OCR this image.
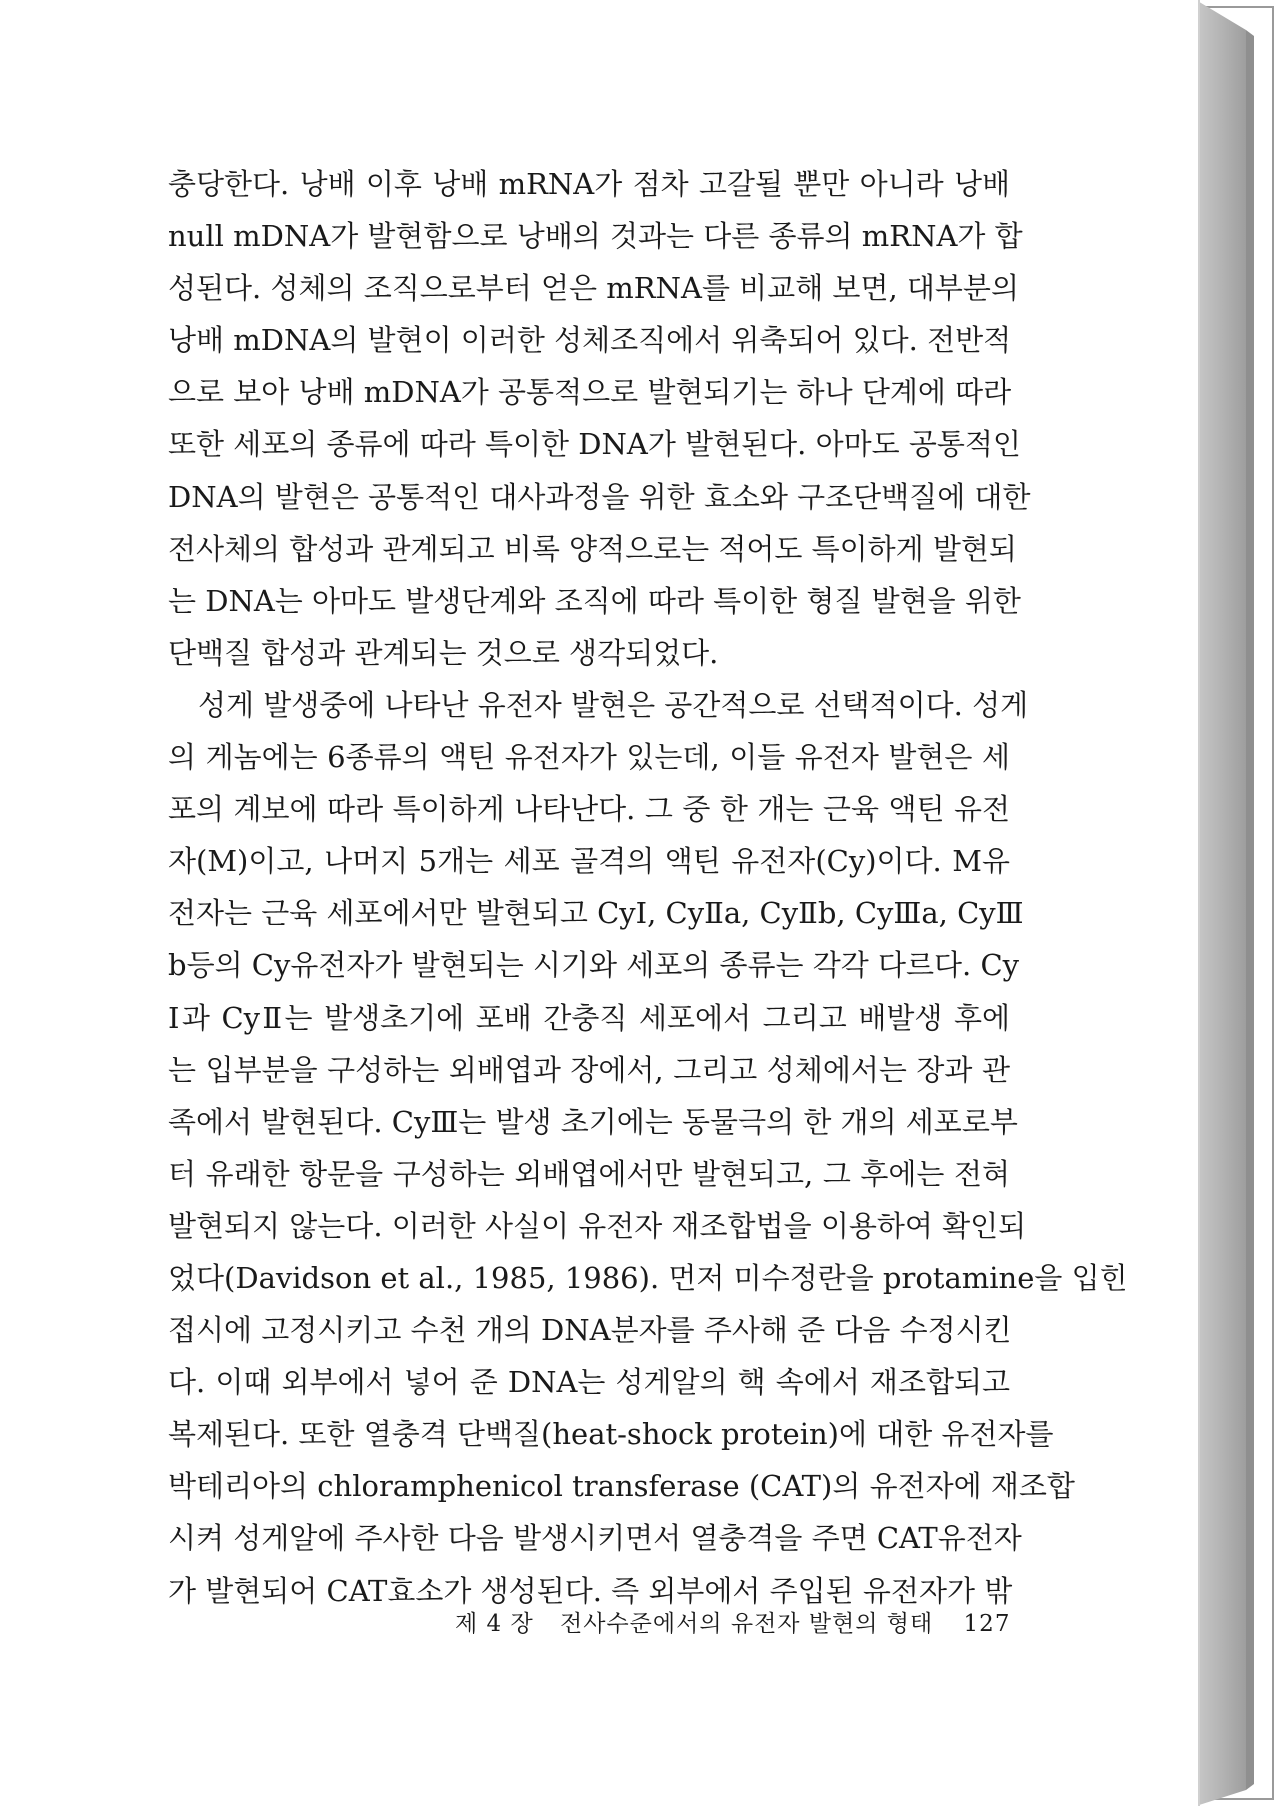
충당한다. 낭배 이후 낭배 mRNA가 점차 고갈될 뿐만 아니라 낭배
null mDNA가 발현함으로 낭배의 것과는 다른 종류의 mRNA가 합
성된다. 성체의 조직으로부터 얻은 mRNA를 비교해 보면, 대부분의
낭배 mDNA의 발현이 이러한 성체조직에서 위축되어 있다. 전반적
으로 보아 낭배 mDNA가 공통적으로 발현되기는 하나 단계에 따라
또한 세포의 종류에 따라 특이한 DNA가 발현된다. 아마도 공통적인
DNA의 발현은 공통적인 대사과정을 위한 효소와 구조단백질에 대한
전사체의 합성과 관계되고 비록 양적으로는 적어도 특이하게 발현되
는 DNA는 아마도 발생단계와 조직에 따라 특이한 형질 발현을 위한
단백질 합성과 관계되는 것으로 생각되었다.
성게 발생중에 나타난 유전자 발현은 공간적으로 선택적이다. 성게
의 게놈에는 6종류의 액틴 유전자가 있는데, 이들 유전자 발현은 세
포의 계보에 따라 특이하게 나타난다. 그 중 한 개는 근육 액틴 유전
자(M)이고, 나머지 5개는 세포 골격의 액틴 유전자(Cy)이다. M유
전자는 근육 세포에서만 발현되고 CyⅠ, CyⅡa, CyⅡb, CyⅢa, CyⅢ
b등의 Cy유전자가 발현되는 시기와 세포의 종류는 각각 다르다. Cy
Ⅰ과 CyⅡ는 발생초기에 포배 간충직 세포에서 그리고 배발생 후에
는 입부분을 구성하는 외배엽과 장에서, 그리고 성체에서는 장과 관
족에서 발현된다. CyⅢ는 발생 초기에는 동물극의 한 개의 세포로부
터 유래한 항문을 구성하는 외배엽에서만 발현되고, 그 후에는 전혀
발현되지 않는다. 이러한 사실이 유전자 재조합법을 이용하여 확인되
었다(Davidson et al., 1985, 1986). 먼저 미수정란을 protamine을 입힌
접시에 고정시키고 수천 개의 DNA분자를 주사해 준 다음 수정시킨
다. 이때 외부에서 넣어 준 DNA는 성게알의 핵 속에서 재조합되고
복제된다. 또한 열충격 단백질(heat-shock protein)에 대한 유전자를
박테리아의 chloramphenicol transferase (CAT)의 유전자에 재조합
시켜 성게알에 주사한 다음 발생시키면서 열충격을 주면 CAT유전자
가 발현되어 CAT효소가 생성된다. 즉 외부에서 주입된 유전자가 밖
제 4 장 전사수준에서의 유전자 발현의 형태 127
